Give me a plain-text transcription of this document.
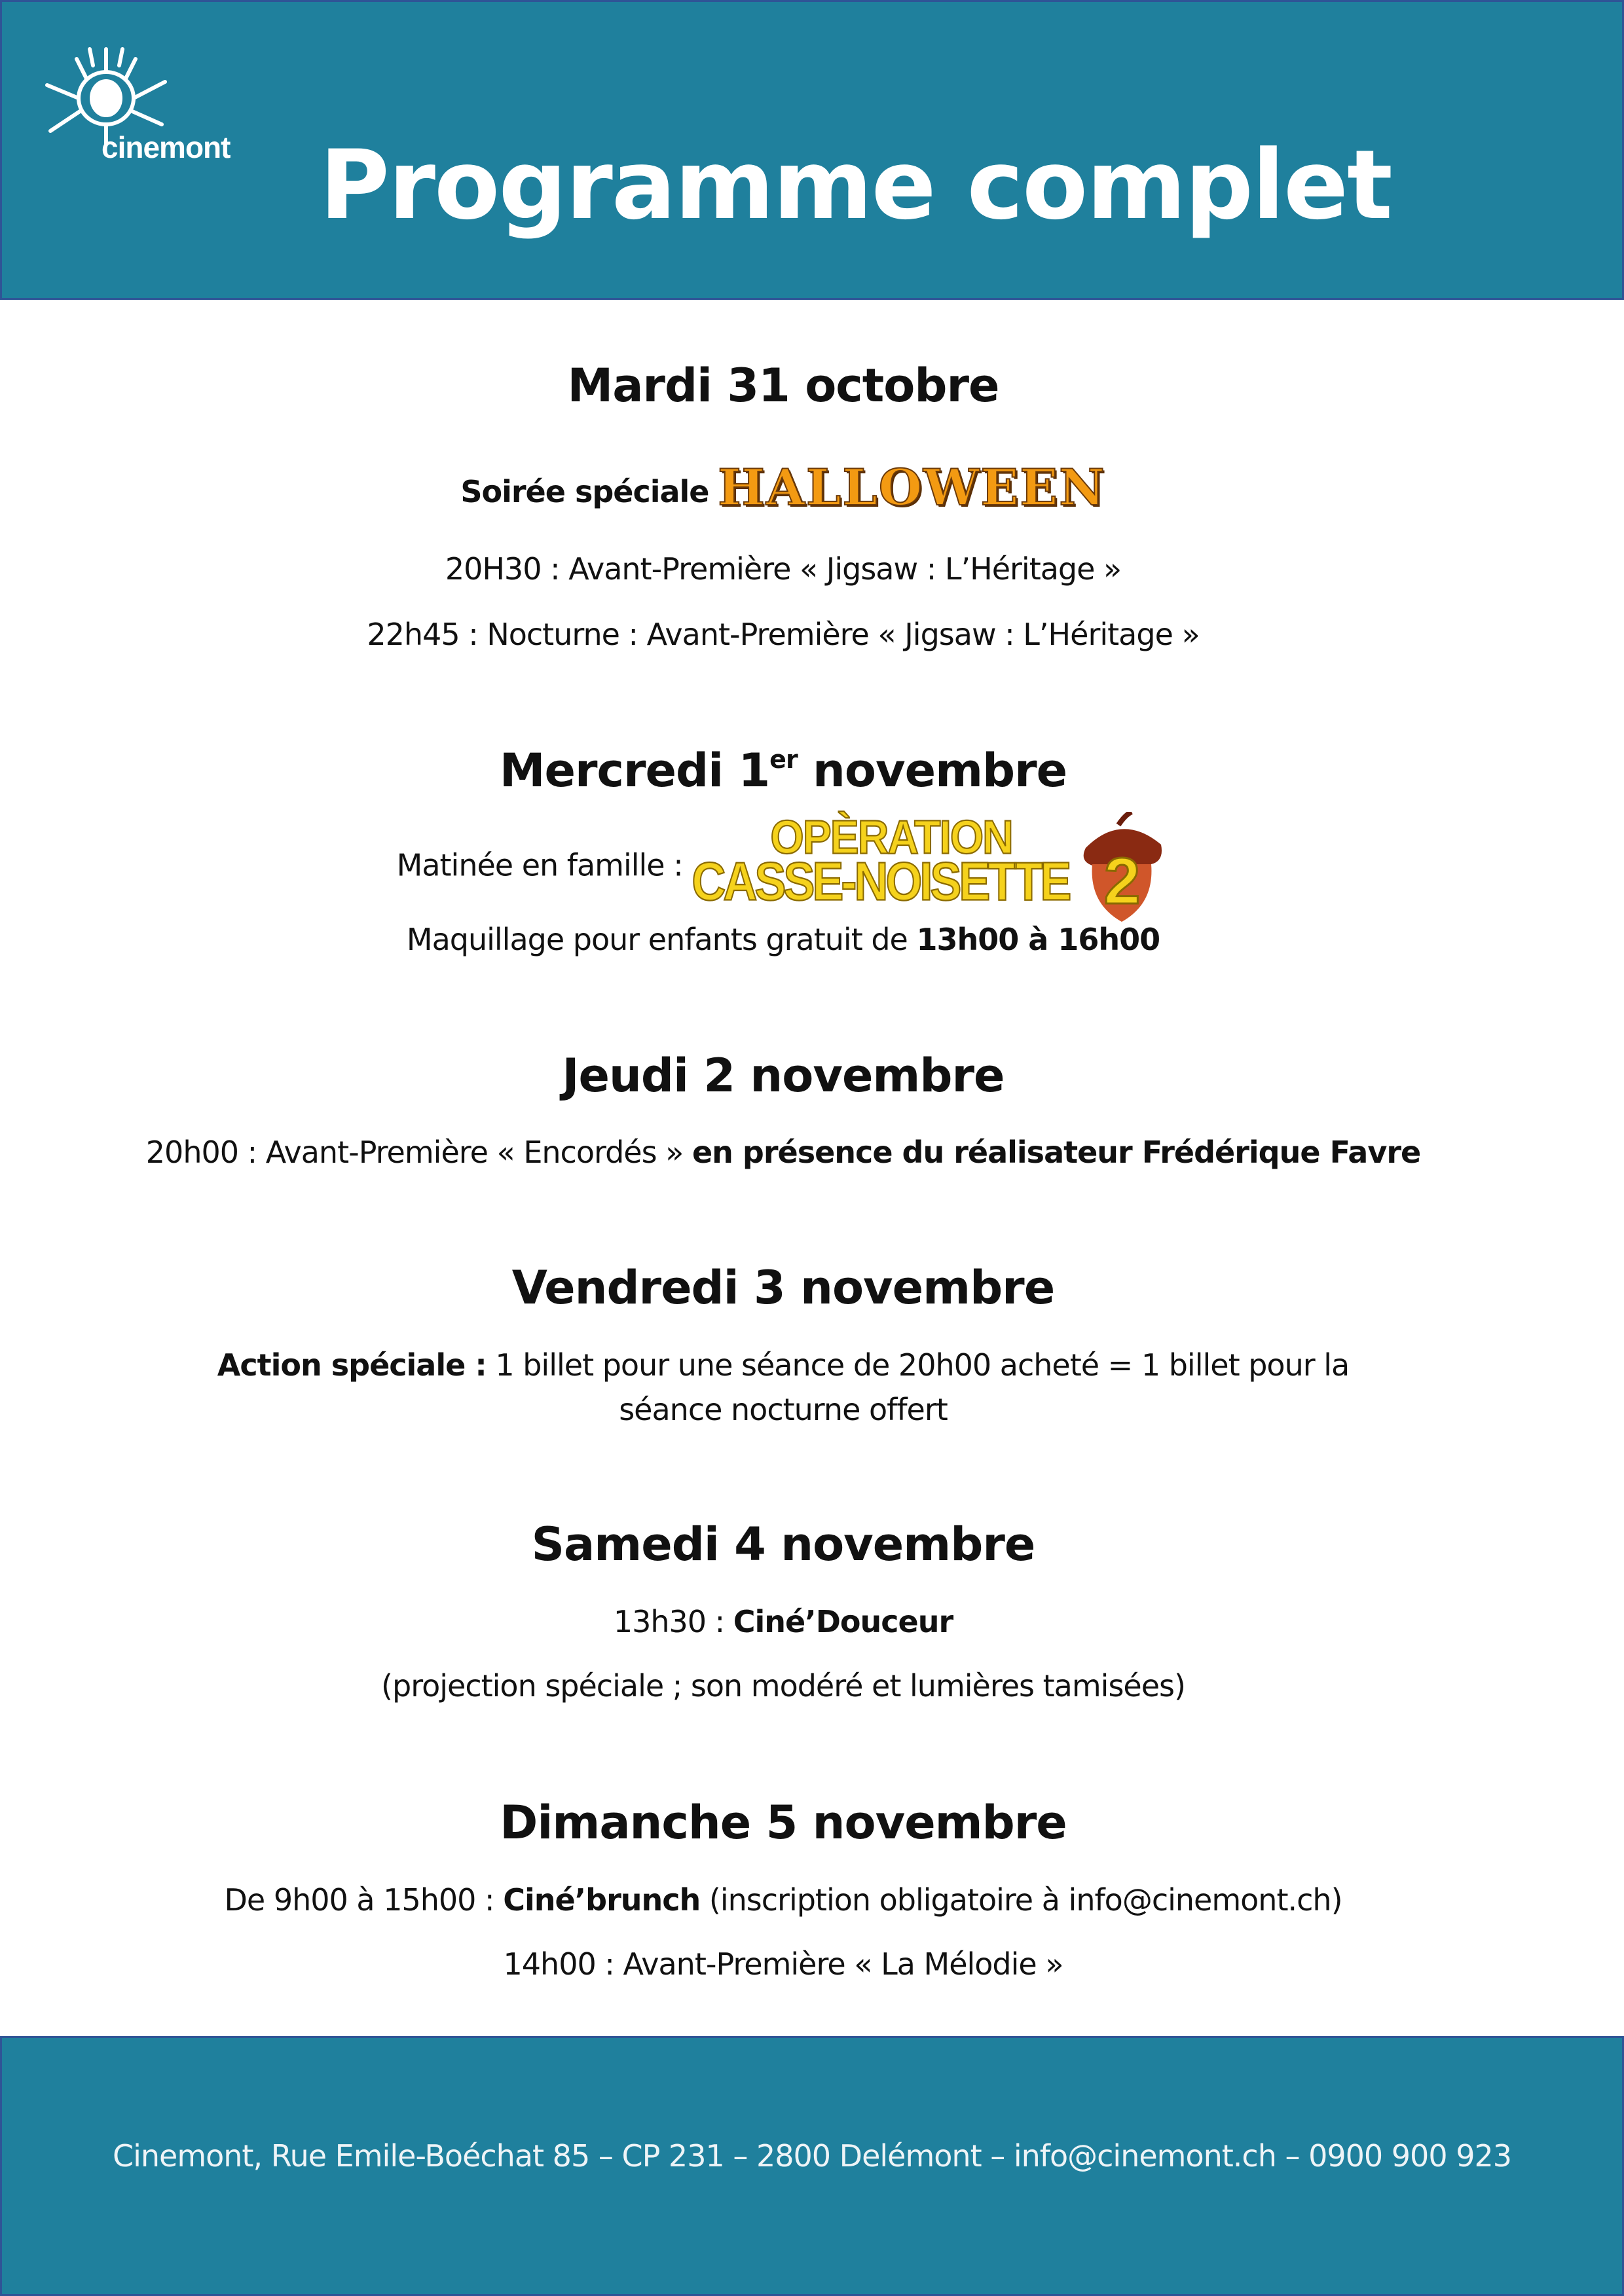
cinemont Programme complet
Mardi 31 octobre
Soirée spéciale HALLOWEEN
20H30 : Avant-Première « Jigsaw : L’Héritage »
22h45 : Nocturne : Avant-Première « Jigsaw : L’Héritage »
Mercredi 1er novembre
Matinée en famille :
OPÈRATION
CASSE-NOISETTE 2
Maquillage pour enfants gratuit de 13h00 à 16h00
Jeudi 2 novembre
20h00 : Avant-Première « Encordés » en présence du réalisateur Frédérique Favre
Vendredi 3 novembre
Action spéciale : 1 billet pour une séance de 20h00 acheté = 1 billet pour la
séance nocturne offert
Samedi 4 novembre
13h30 : Ciné’Douceur
(projection spéciale ; son modéré et lumières tamisées)
Dimanche 5 novembre
De 9h00 à 15h00 : Ciné’brunch (inscription obligatoire à info@cinemont.ch)
14h00 : Avant-Première « La Mélodie »
Cinemont, Rue Emile-Boéchat 85 – CP 231 – 2800 Delémont – info@cinemont.ch – 0900 900 923
